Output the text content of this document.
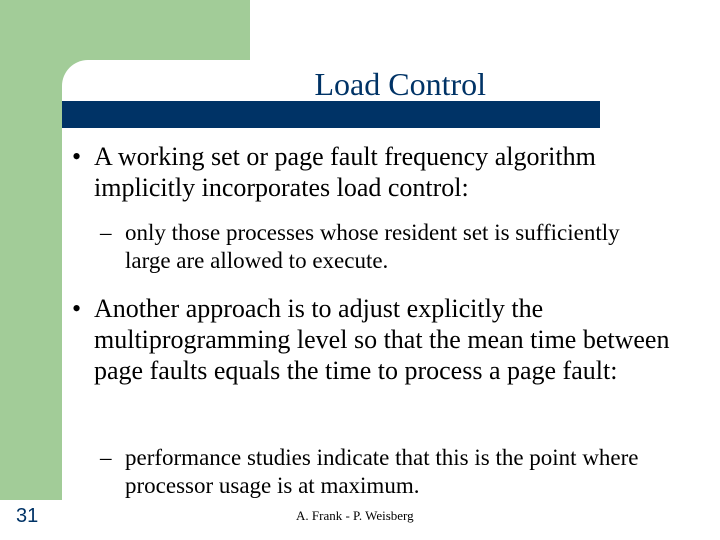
Load Control
• A working set or page fault frequency algorithm implicitly incorporates load control:

– only those processes whose resident set is sufficiently large are allowed to execute.

• Another approach is to adjust explicitly the multiprogramming level so that the mean time between page faults equals the time to process a page fault:

– performance studies indicate that this is the point where processor usage is at maximum.

31	A. Frank - P. Weisberg
